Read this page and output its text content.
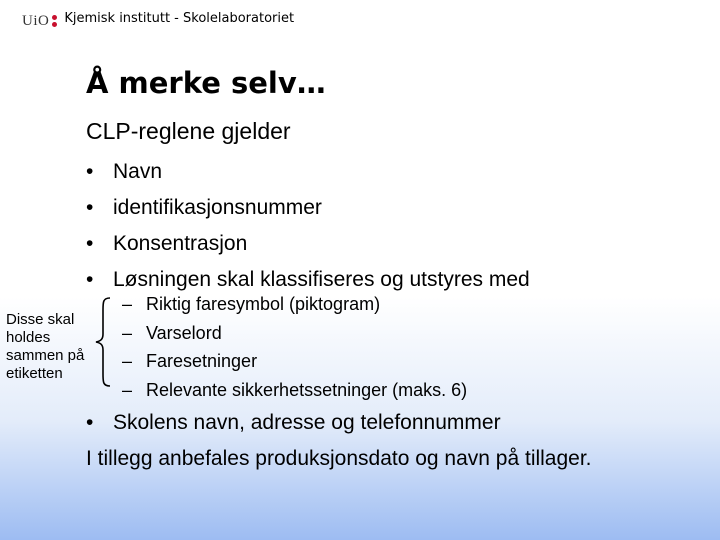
UiO Kjemisk institutt - Skolelaboratoriet
Å merke selv…

CLP-reglene gjelder

• Navn
• identifikasjonsnummer
• Konsentrasjon
• Løsningen skal klassifiseres og utstyres med

Disse skal holdes sammen på etiketten

– Riktig faresymbol (piktogram)
– Varselord
– Faresetninger
– Relevante sikkerhetssetninger (maks. 6)
• Skolens navn, adresse og telefonnummer

I tillegg anbefales produksjonsdato og navn på tillager.
